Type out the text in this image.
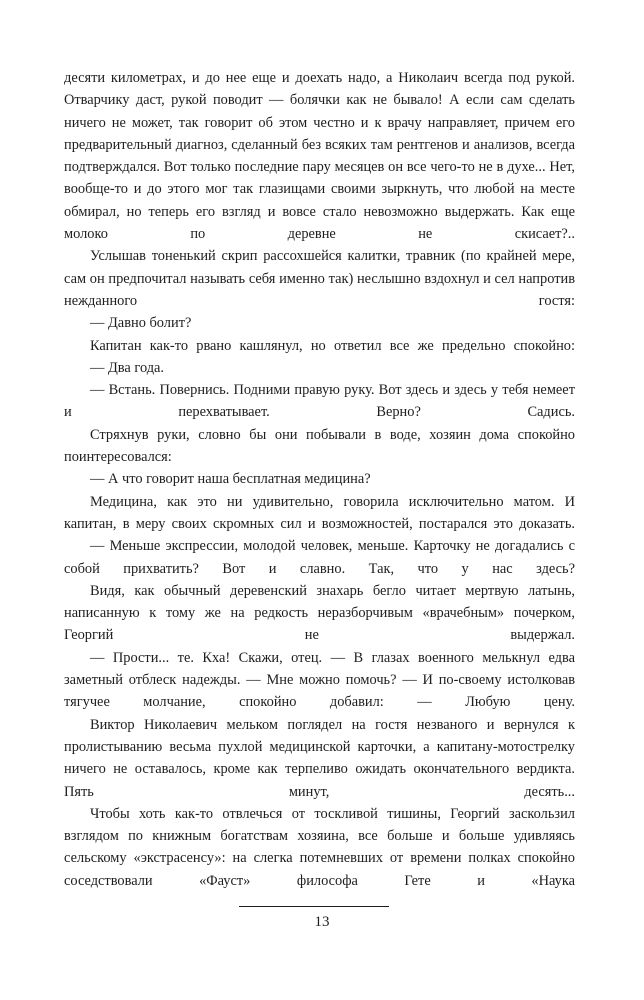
десяти километрах, и до нее еще и доехать надо, а Николаич всегда под рукой. Отварчику даст, рукой поводит — болячки как не бывало! А если сам сделать ничего не может, так говорит об этом честно и к врачу направляет, причем его предварительный диагноз, сделанный без всяких там рентгенов и анализов, всегда подтверждался. Вот только последние пару месяцев он все чего-то не в духе... Нет, вообще-то и до этого мог так глазищами своими зыркнуть, что любой на месте обмирал, но теперь его взгляд и вовсе стало невозможно выдержать. Как еще молоко по деревне не скисает?..

Услышав тоненький скрип рассохшейся калитки, травник (по крайней мере, сам он предпочитал называть себя именно так) неслышно вздохнул и сел напротив нежданного гостя:

— Давно болит?

Капитан как-то рвано кашлянул, но ответил все же предельно спокойно:

— Два года.

— Встань. Повернись. Подними правую руку. Вот здесь и здесь у тебя немеет и перехватывает. Верно? Садись.

Стряхнув руки, словно бы они побывали в воде, хозяин дома спокойно поинтересовался:

— А что говорит наша бесплатная медицина?

Медицина, как это ни удивительно, говорила исключительно матом. И капитан, в меру своих скромных сил и возможностей, постарался это доказать.

— Меньше экспрессии, молодой человек, меньше. Карточку не догадались с собой прихватить? Вот и славно. Так, что у нас здесь?

Видя, как обычный деревенский знахарь бегло читает мертвую латынь, написанную к тому же на редкость неразборчивым «врачебным» почерком, Георгий не выдержал.

— Прости... те. Кха! Скажи, отец. — В глазах военного мелькнул едва заметный отблеск надежды. — Мне можно помочь? — И по-своему истолковав тягучее молчание, спокойно добавил: — Любую цену.

Виктор Николаевич мельком поглядел на гостя незваного и вернулся к пролистыванию весьма пухлой медицинской карточки, а капитану-мотострелку ничего не оставалось, кроме как терпеливо ожидать окончательного вердикта. Пять минут, десять...

Чтобы хоть как-то отвлечься от тоскливой тишины, Георгий заскользил взглядом по книжным богатствам хозяина, все больше и больше удивляясь сельскому «экстрасенсу»: на слегка потемневших от времени полках спокойно соседствовали «Фауст» философа Гете и «Наука

13
